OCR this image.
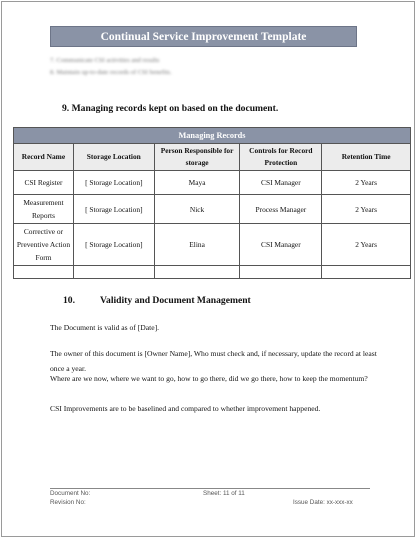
Continual Service Improvement Template
7. Communicate CSI activities and results
8. Maintain up-to-date records of CSI benefits.
9. Managing records kept on based on the document.
Managing Records				
Record Name	Storage Location	Person Responsible for storage	Controls for Record Protection	Retention Time
CSI Register	[ Storage Location]	Maya	CSI Manager	2 Years
Measurement Reports	[ Storage Location]	Nick	Process Manager	2 Years
Corrective or Preventive Action Form	[ Storage Location]	Elina	CSI Manager	2 Years

10.	Validity and Document Management
The Document is valid as of [Date].
The owner of this document is [Owner Name], Who must check and, if necessary, update the record at least once a year.
Where are we now, where we want to go, how to go there, did we go there, how to keep the momentum?
CSI Improvements are to be baselined and compared to whether improvement happened.
Document No:	Sheet: 11 of 11
Revision No:	Issue Date: xx-xxx-xx
